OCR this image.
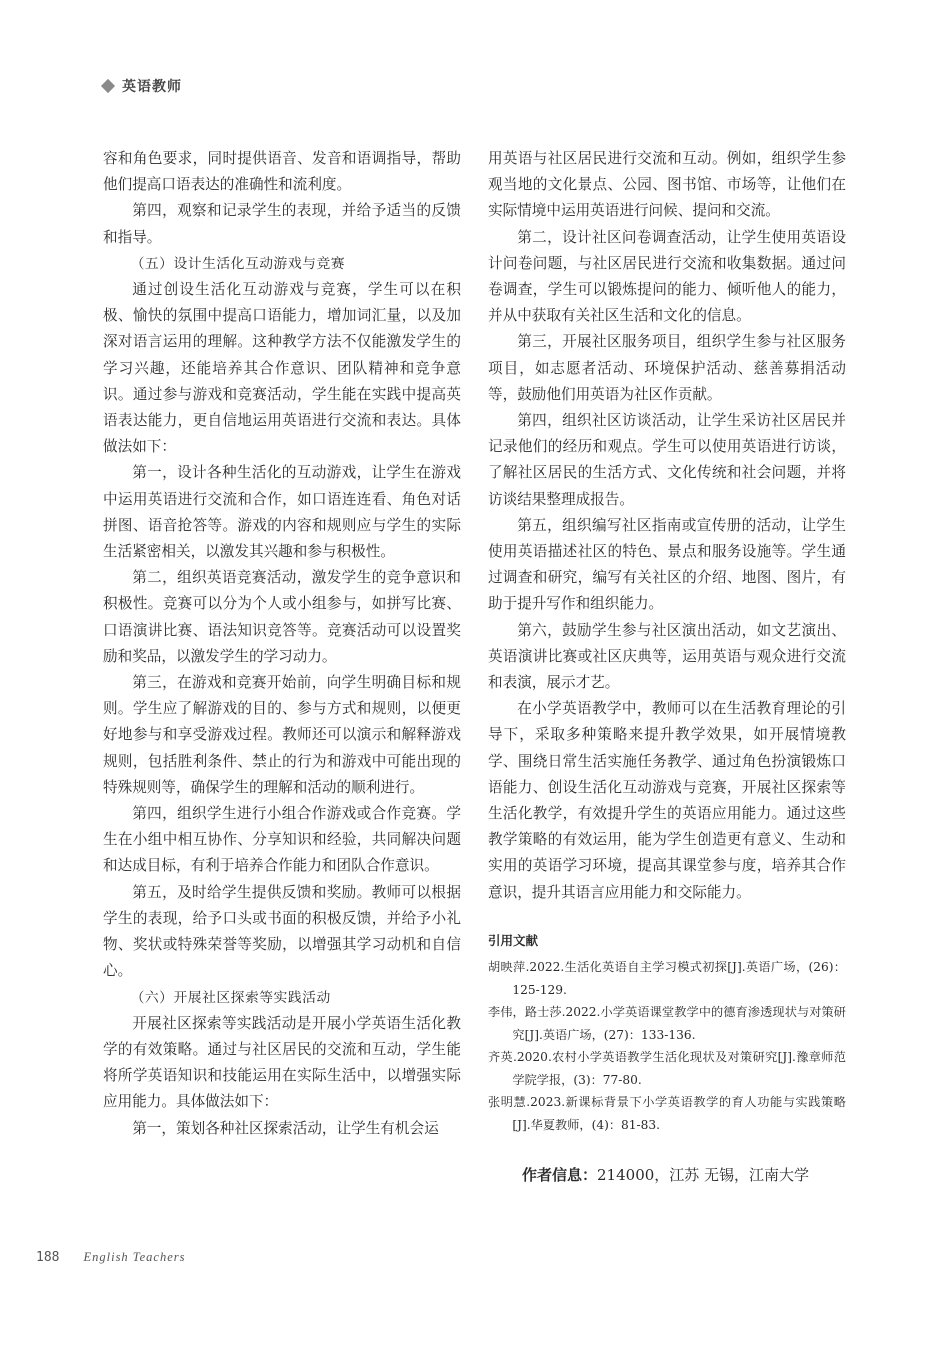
英语教师

容和角色要求，同时提供语音、发音和语调指导，帮助他们提高口语表达的准确性和流利度。

第四，观察和记录学生的表现，并给予适当的反馈和指导。

（五）设计生活化互动游戏与竞赛

通过创设生活化互动游戏与竞赛，学生可以在积极、愉快的氛围中提高口语能力，增加词汇量，以及加深对语言运用的理解。这种教学方法不仅能激发学生的学习兴趣，还能培养其合作意识、团队精神和竞争意识。通过参与游戏和竞赛活动，学生能在实践中提高英语表达能力，更自信地运用英语进行交流和表达。具体做法如下：

第一，设计各种生活化的互动游戏，让学生在游戏中运用英语进行交流和合作，如口语连连看、角色对话拼图、语音抢答等。游戏的内容和规则应与学生的实际生活紧密相关，以激发其兴趣和参与积极性。

第二，组织英语竞赛活动，激发学生的竞争意识和积极性。竞赛可以分为个人或小组参与，如拼写比赛、口语演讲比赛、语法知识竞答等。竞赛活动可以设置奖励和奖品，以激发学生的学习动力。

第三，在游戏和竞赛开始前，向学生明确目标和规则。学生应了解游戏的目的、参与方式和规则，以便更好地参与和享受游戏过程。教师还可以演示和解释游戏规则，包括胜利条件、禁止的行为和游戏中可能出现的特殊规则等，确保学生的理解和活动的顺利进行。

第四，组织学生进行小组合作游戏或合作竞赛。学生在小组中相互协作、分享知识和经验，共同解决问题和达成目标，有利于培养合作能力和团队合作意识。

第五，及时给学生提供反馈和奖励。教师可以根据学生的表现，给予口头或书面的积极反馈，并给予小礼物、奖状或特殊荣誉等奖励，以增强其学习动机和自信心。

（六）开展社区探索等实践活动

开展社区探索等实践活动是开展小学英语生活化教学的有效策略。通过与社区居民的交流和互动，学生能将所学英语知识和技能运用在实际生活中，以增强实际应用能力。具体做法如下：

第一，策划各种社区探索活动，让学生有机会运

用英语与社区居民进行交流和互动。例如，组织学生参观当地的文化景点、公园、图书馆、市场等，让他们在实际情境中运用英语进行问候、提问和交流。

第二，设计社区问卷调查活动，让学生使用英语设计问卷问题，与社区居民进行交流和收集数据。通过问卷调查，学生可以锻炼提问的能力、倾听他人的能力，并从中获取有关社区生活和文化的信息。

第三，开展社区服务项目，组织学生参与社区服务项目，如志愿者活动、环境保护活动、慈善募捐活动等，鼓励他们用英语为社区作贡献。

第四，组织社区访谈活动，让学生采访社区居民并记录他们的经历和观点。学生可以使用英语进行访谈，了解社区居民的生活方式、文化传统和社会问题，并将访谈结果整理成报告。

第五，组织编写社区指南或宣传册的活动，让学生使用英语描述社区的特色、景点和服务设施等。学生通过调查和研究，编写有关社区的介绍、地图、图片，有助于提升写作和组织能力。

第六，鼓励学生参与社区演出活动，如文艺演出、英语演讲比赛或社区庆典等，运用英语与观众进行交流和表演，展示才艺。

在小学英语教学中，教师可以在生活教育理论的引导下，采取多种策略来提升教学效果，如开展情境教学、围绕日常生活实施任务教学、通过角色扮演锻炼口语能力、创设生活化互动游戏与竞赛，开展社区探索等生活化教学，有效提升学生的英语应用能力。通过这些教学策略的有效运用，能为学生创造更有意义、生动和实用的英语学习环境，提高其课堂参与度，培养其合作意识，提升其语言应用能力和交际能力。

引用文献

胡映萍.2022.生活化英语自主学习模式初探[J].英语广场，(26)：125-129.

李伟，路士莎.2022.小学英语课堂教学中的德育渗透现状与对策研究[J].英语广场，(27)：133-136.

齐英.2020.农村小学英语教学生活化现状及对策研究[J].豫章师范学院学报，(3)：77-80.

张明慧.2023.新课标背景下小学英语教学的育人功能与实践策略[J].华夏教师，(4)：81-83.

作者信息：214000，江苏 无锡，江南大学
188 English Teachers
